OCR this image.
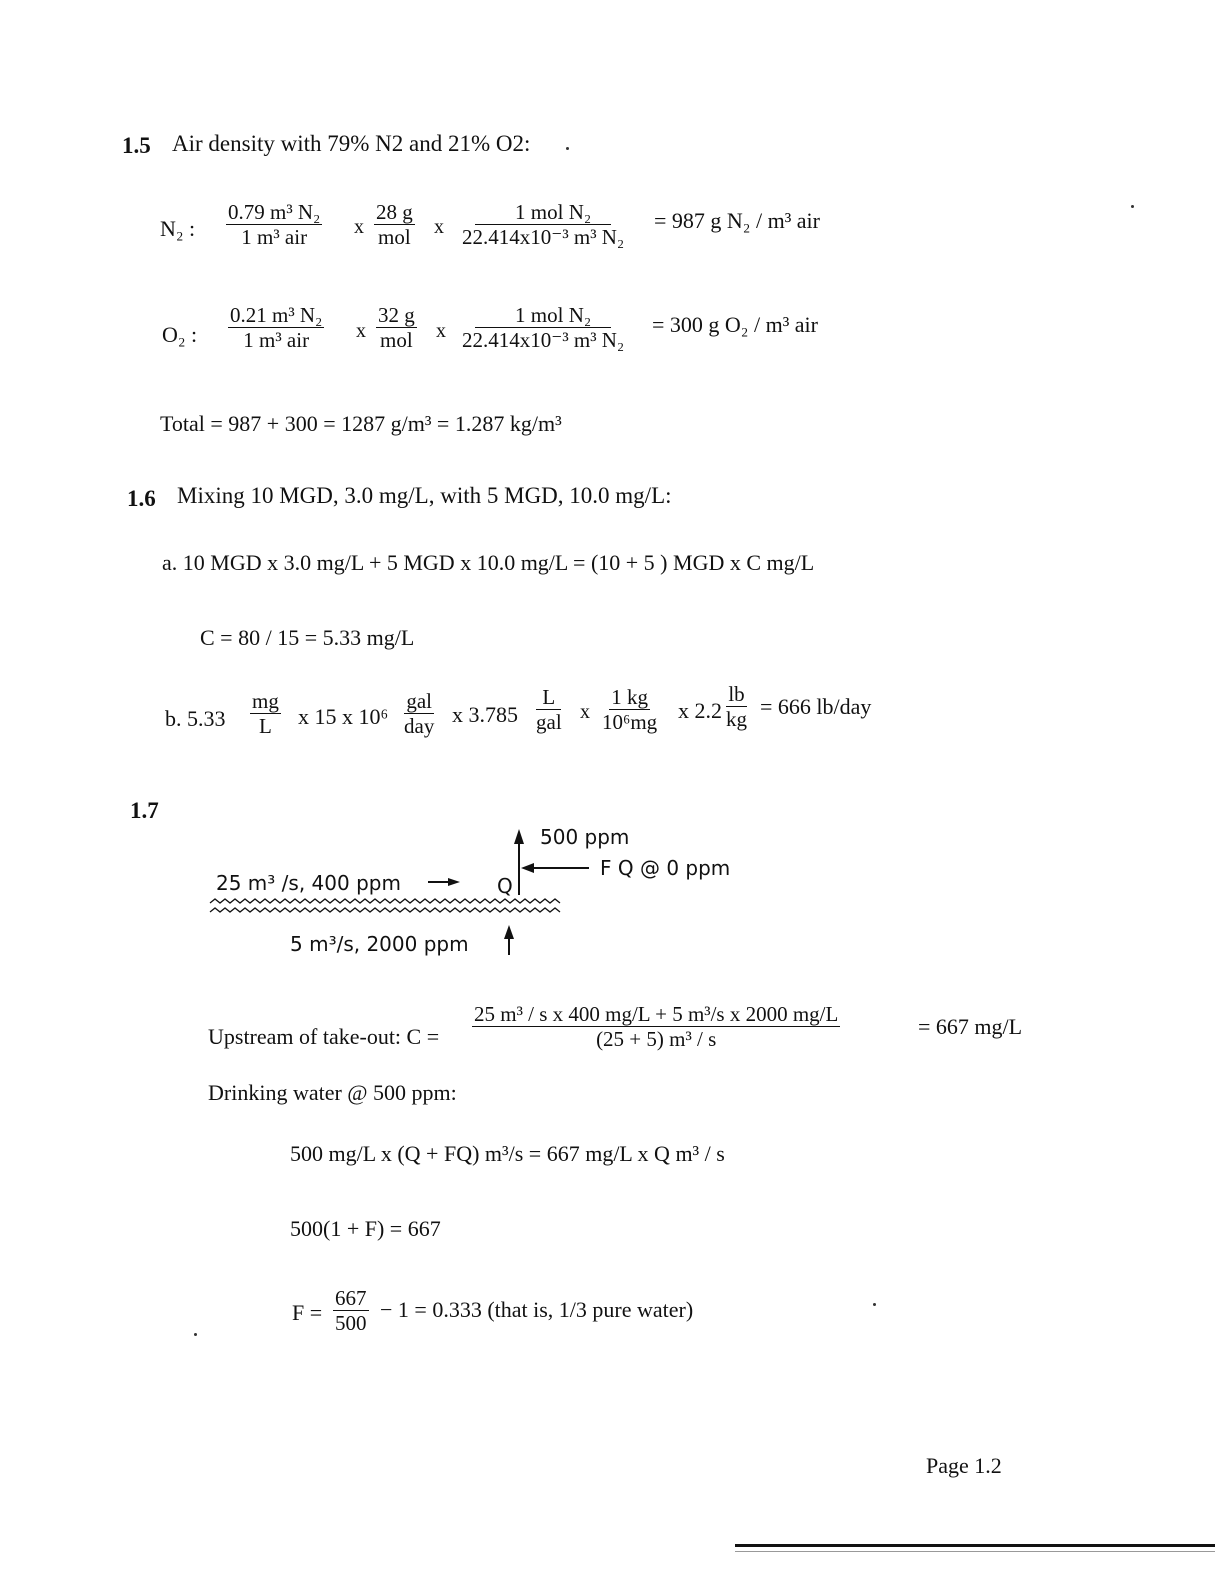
1.5 Air density with 79% N2 and 21% O2:
N₂ :
0.79 m³ N₂
1 m³ air x
28 g
mol x
1 mol N₂
22.414x10⁻³ m³ N₂
= 987 g N₂ / m³ air
O₂ :
0.21 m³ N₂
1 m³ air x
32 g
mol x
1 mol N₂
22.414x10⁻³ m³ N₂
= 300 g O₂ / m³ air
Total = 987 + 300 = 1287 g/m³ = 1.287 kg/m³
1.6 Mixing 10 MGD, 3.0 mg/L, with 5 MGD, 10.0 mg/L:
a. 10 MGD x 3.0 mg/L + 5 MGD x 10.0 mg/L = (10 + 5 ) MGD x C mg/L
C = 80 / 15 = 5.33 mg/L
b. $5.33 \frac{mg}{L}$ x 15 x 10⁶
gal
day x 3.785
L
gal x $\frac{1 kg}{\text{10⁶mg}}$ x $2.2 \frac{lb}{kg} = 666$ lb/day
1.7
500 ppm
F Q @ 0 ppm
25 m³ /s, 400 ppm	Q
5 m³/s, 2000 ppm
Upstream of take-out: $C = \frac{\text{25 m³ / s x 400 mg/L + 5 m³/s x 2000 mg/L}}{\text{(25 + 5) m³ / s}}$	= 667 mg/L
Drinking water @ 500 ppm:
500 mg/L x (Q + FQ) m³/s = 667 mg/L x Q m³ / s
500(1 + F) = 667
$F = \frac{667}{500} - 1 = 0.333$ (that is, 1/3 pure water)
Page 1.2
